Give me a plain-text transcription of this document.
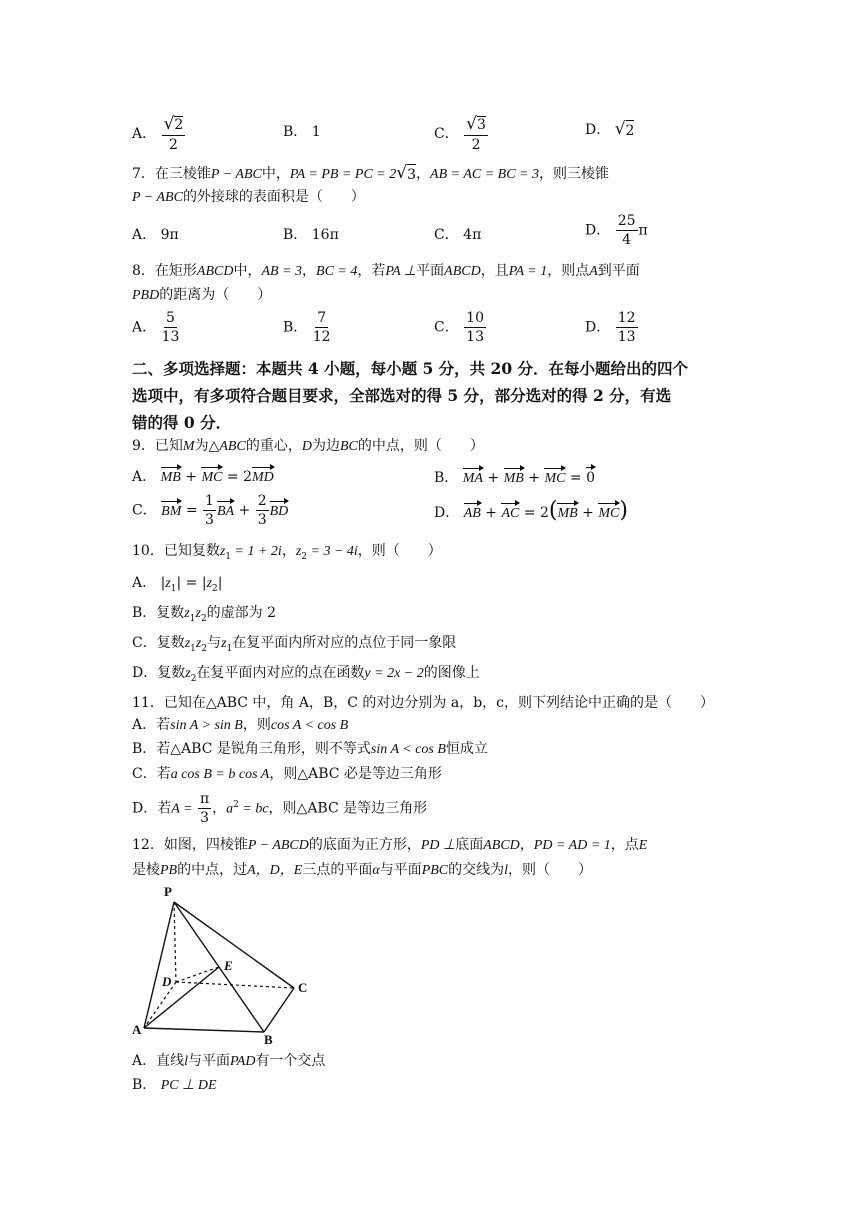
A． $\frac{√ 2}{2}$	B． 1	C． $\frac{√ 3}{2}$	D． √ 2
7．在三棱锥P − ABC中，PA = PB = PC = 2 √ 3 ，AB = AC = BC = 3，则三棱锥
P − ABC的外接球的表面积是（　　）
A． 9π	B． 16π	C． 4π	D． $\frac{25}{4}$ π
8．在矩形ABCD中，AB = 3，BC = 4，若PA ⊥平面ABCD，且PA = 1，则点A到平面
PBD的距离为（　　）
A． $\frac{5}{13}$	B． $\frac{7}{12}$	C． $\frac{10}{13}$	D． $\frac{12}{13}$
二、多项选择题：本题共 4 小题，每小题 5 分，共 20 分．在每小题给出的四个
选项中，有多项符合题目要求，全部选对的得 5 分，部分选对的得 2 分，有选
错的得 0 分．
9．已知M为△ABC的重心，D为边BC的中点，则（　　）
A． MB + MC = 2MD	B． MA + MB + MC = 0
C． BM = $\frac{1}{3}$ BA + $\frac{2}{3}$ BD	D． AB + AC = 2(MB + MC)
10．已知复数$z_1 = 1 + 2i$，$z_2 = 3 - 4i$，则（　　）
A． $|z_1| = |z_2|$
B．复数$z_1z_2$的虚部为 2
C．复数$z_1z_2$与$z_1$在复平面内所对应的点位于同一象限
D．复数$z_2$在复平面内对应的点在函数y = 2x − 2的图像上
11．已知在△ABC 中，角 A，B，C 的对边分别为 a，b，c，则下列结论中正确的是（　　）
A．若sin A > sin B，则cos A < cos B
B．若△ABC 是锐角三角形，则不等式sin A < cos B恒成立
C．若a cos B = b cos A，则△ABC 必是等边三角形
D．若$A = \frac{\pi}{3}$ ，$a^2$ = bc，则△ABC 是等边三角形
12．如图，四棱锥P − ABCD的底面为正方形，PD ⊥底面ABCD，PD = AD = 1，点E
是棱PB的中点，过A，D，E三点的平面α与平面PBC的交线为l，则（　　）
P
D
E
C
A
B
A．直线l与平面PAD有一个交点
B． PC ⊥ DE
